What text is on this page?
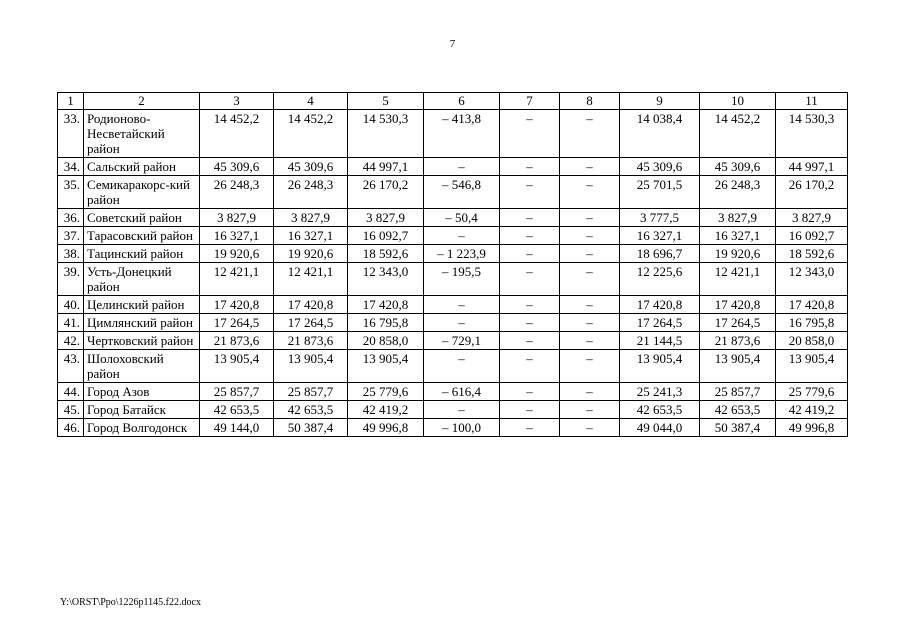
7
1	2	3	4	5	6	7	8	9	10	11
33.	Родионово-Несветайский район	14 452,2	14 452,2	14 530,3	– 413,8	–	–	14 038,4	14 452,2	14 530,3
34.	Сальский район	45 309,6	45 309,6	44 997,1	–	–	–	45 309,6	45 309,6	44 997,1
35.	Семикаракорс-кий район	26 248,3	26 248,3	26 170,2	– 546,8	–	–	25 701,5	26 248,3	26 170,2
36.	Советский район	3 827,9	3 827,9	3 827,9	– 50,4	–	–	3 777,5	3 827,9	3 827,9
37.	Тарасовский район	16 327,1	16 327,1	16 092,7	–	–	–	16 327,1	16 327,1	16 092,7
38.	Тацинский район	19 920,6	19 920,6	18 592,6	– 1 223,9	–	–	18 696,7	19 920,6	18 592,6
39.	Усть-Донецкий район	12 421,1	12 421,1	12 343,0	– 195,5	–	–	12 225,6	12 421,1	12 343,0
40.	Целинский район	17 420,8	17 420,8	17 420,8	–	–	–	17 420,8	17 420,8	17 420,8
41.	Цимлянский район	17 264,5	17 264,5	16 795,8	–	–	–	17 264,5	17 264,5	16 795,8
42.	Чертковский район	21 873,6	21 873,6	20 858,0	– 729,1	–	–	21 144,5	21 873,6	20 858,0
43.	Шолоховский район	13 905,4	13 905,4	13 905,4	–	–	–	13 905,4	13 905,4	13 905,4
44.	Город Азов	25 857,7	25 857,7	25 779,6	– 616,4	–	–	25 241,3	25 857,7	25 779,6
45.	Город Батайск	42 653,5	42 653,5	42 419,2	–	–	–	42 653,5	42 653,5	42 419,2
46.	Город Волгодонск	49 144,0	50 387,4	49 996,8	– 100,0	–	–	49 044,0	50 387,4	49 996,8
Y:\ORST\Ppo\1226p1145.f22.docx
